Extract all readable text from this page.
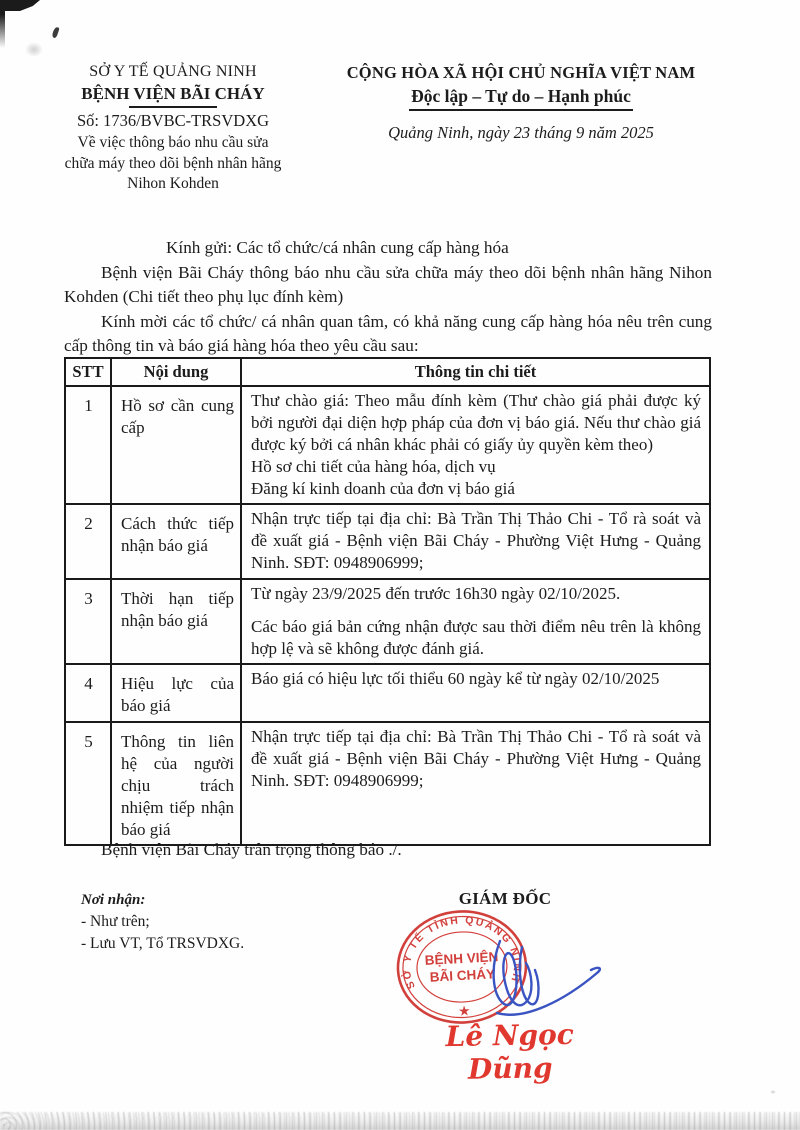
SỞ Y TẾ QUẢNG NINH
BỆNH VIỆN BÃI CHÁY
Số: 1736/BVBC-TRSVDXG
Về việc thông báo nhu cầu sửa chữa máy theo dõi bệnh nhân hãng Nihon Kohden
CỘNG HÒA XÃ HỘI CHỦ NGHĨA VIỆT NAM
Độc lập – Tự do – Hạnh phúc
Quảng Ninh, ngày 23 tháng 9 năm 2025

Kính gửi: Các tổ chức/cá nhân cung cấp hàng hóa

Bệnh viện Bãi Cháy thông báo nhu cầu sửa chữa máy theo dõi bệnh nhân hãng Nihon Kohden (Chi tiết theo phụ lục đính kèm)

Kính mời các tổ chức/ cá nhân quan tâm, có khả năng cung cấp hàng hóa nêu trên cung cấp thông tin và báo giá hàng hóa theo yêu cầu sau:

STT	Nội dung	Thông tin chi tiết
1	Hồ sơ cần cung cấp	Thư chào giá: Theo mẫu đính kèm (Thư chào giá phải được ký bởi người đại diện hợp pháp của đơn vị báo giá. Nếu thư chào giá được ký bởi cá nhân khác phải có giấy ủy quyền kèm theo)

Hồ sơ chi tiết của hàng hóa, dịch vụ

Đăng kí kinh doanh của đơn vị báo giá

2	Cách thức tiếp nhận báo giá	Nhận trực tiếp tại địa chỉ: Bà Trần Thị Thảo Chi - Tổ rà soát và đề xuất giá - Bệnh viện Bãi Cháy - Phường Việt Hưng - Quảng Ninh. SĐT: 0948906999;

3	Thời hạn tiếp nhận báo giá	Từ ngày 23/9/2025 đến trước 16h30 ngày 02/10/2025.

Các báo giá bản cứng nhận được sau thời điểm nêu trên là không hợp lệ và sẽ không được đánh giá.

4	Hiệu lực của báo giá	Báo giá có hiệu lực tối thiểu 60 ngày kể từ ngày 02/10/2025

5	Thông tin liên hệ của người chịu trách nhiệm tiếp nhận báo giá	Nhận trực tiếp tại địa chỉ: Bà Trần Thị Thảo Chi - Tổ rà soát và đề xuất giá - Bệnh viện Bãi Cháy - Phường Việt Hưng - Quảng Ninh. SĐT: 0948906999;

Bệnh viện Bãi Cháy trân trọng thông báo ./.

Nơi nhận:
- Như trên;
- Lưu VT, Tổ TRSVDXG.
GIÁM ĐỐC
SỞ Y TẾ TỈNH QUẢNG NINH
BỆNH VIỆN
BÃI CHÁY
★
Lê Ngọc Dũng
